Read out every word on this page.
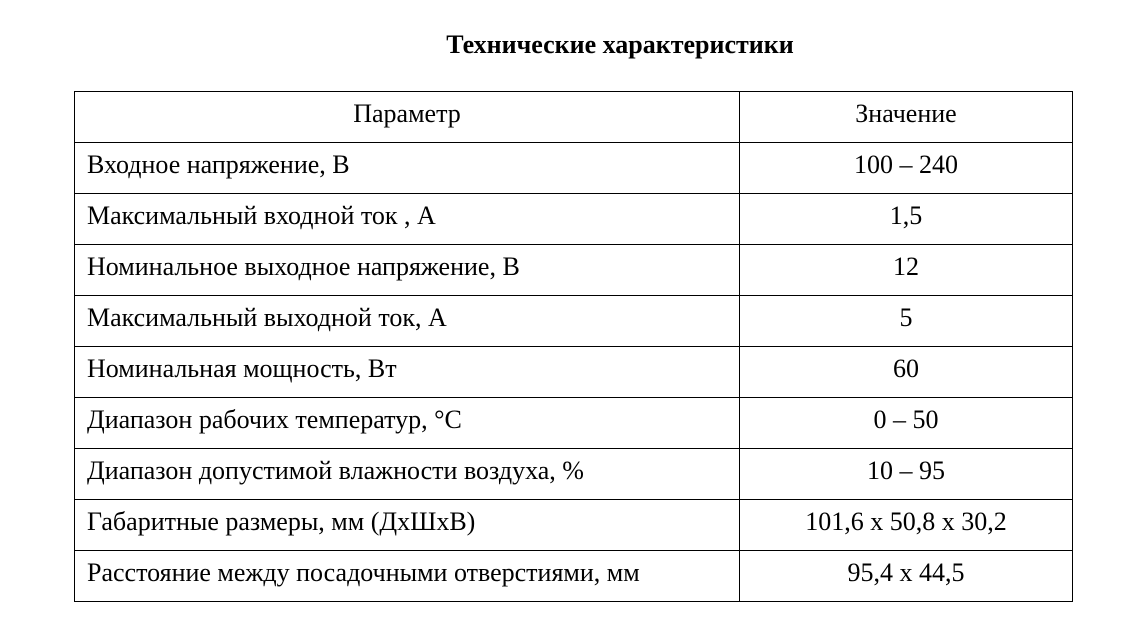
Технические характеристики
Параметр	Значение
Входное напряжение, В	100 – 240
Максимальный входной ток , А	1,5
Номинальное выходное напряжение, В	12
Максимальный выходной ток, А	5
Номинальная мощность, Вт	60
Диапазон рабочих температур, °С	0 – 50
Диапазон допустимой влажности воздуха, %	10 – 95
Габаритные размеры, мм (ДхШхВ)	101,6 х 50,8 х 30,2
Расстояние между посадочными отверстиями, мм	95,4 х 44,5
